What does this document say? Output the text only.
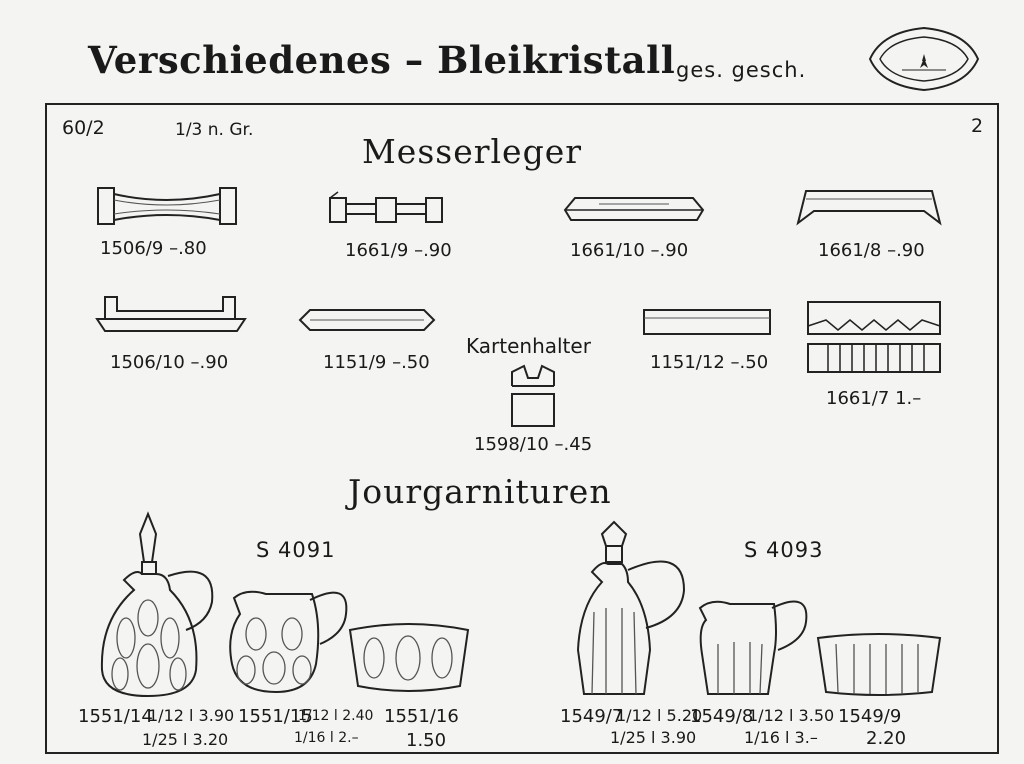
Verschiedenes – Bleikristall ges. gesch.
60/2	1/3 n. Gr.	2
Messerleger
1506/9 –.80	1661/9 –.90	1661/10 –.90	1661/8 –.90
1506/10 –.90	1151/9 –.50	1151/12 –.50
1661/7 1.–
Kartenhalter
1598/10 –.45
Jourgarnituren
S 4091	S 4093
1551/14
1/12 l 3.90
1/25 l 3.20
1551/15
1/12 l 2.40
1/16 l 2.–
1551/16
1.50
1549/7
1/12 l 5.20
1/25 l 3.90
1549/8
1/12 l 3.50
1/16 l 3.–
1549/9
2.20
